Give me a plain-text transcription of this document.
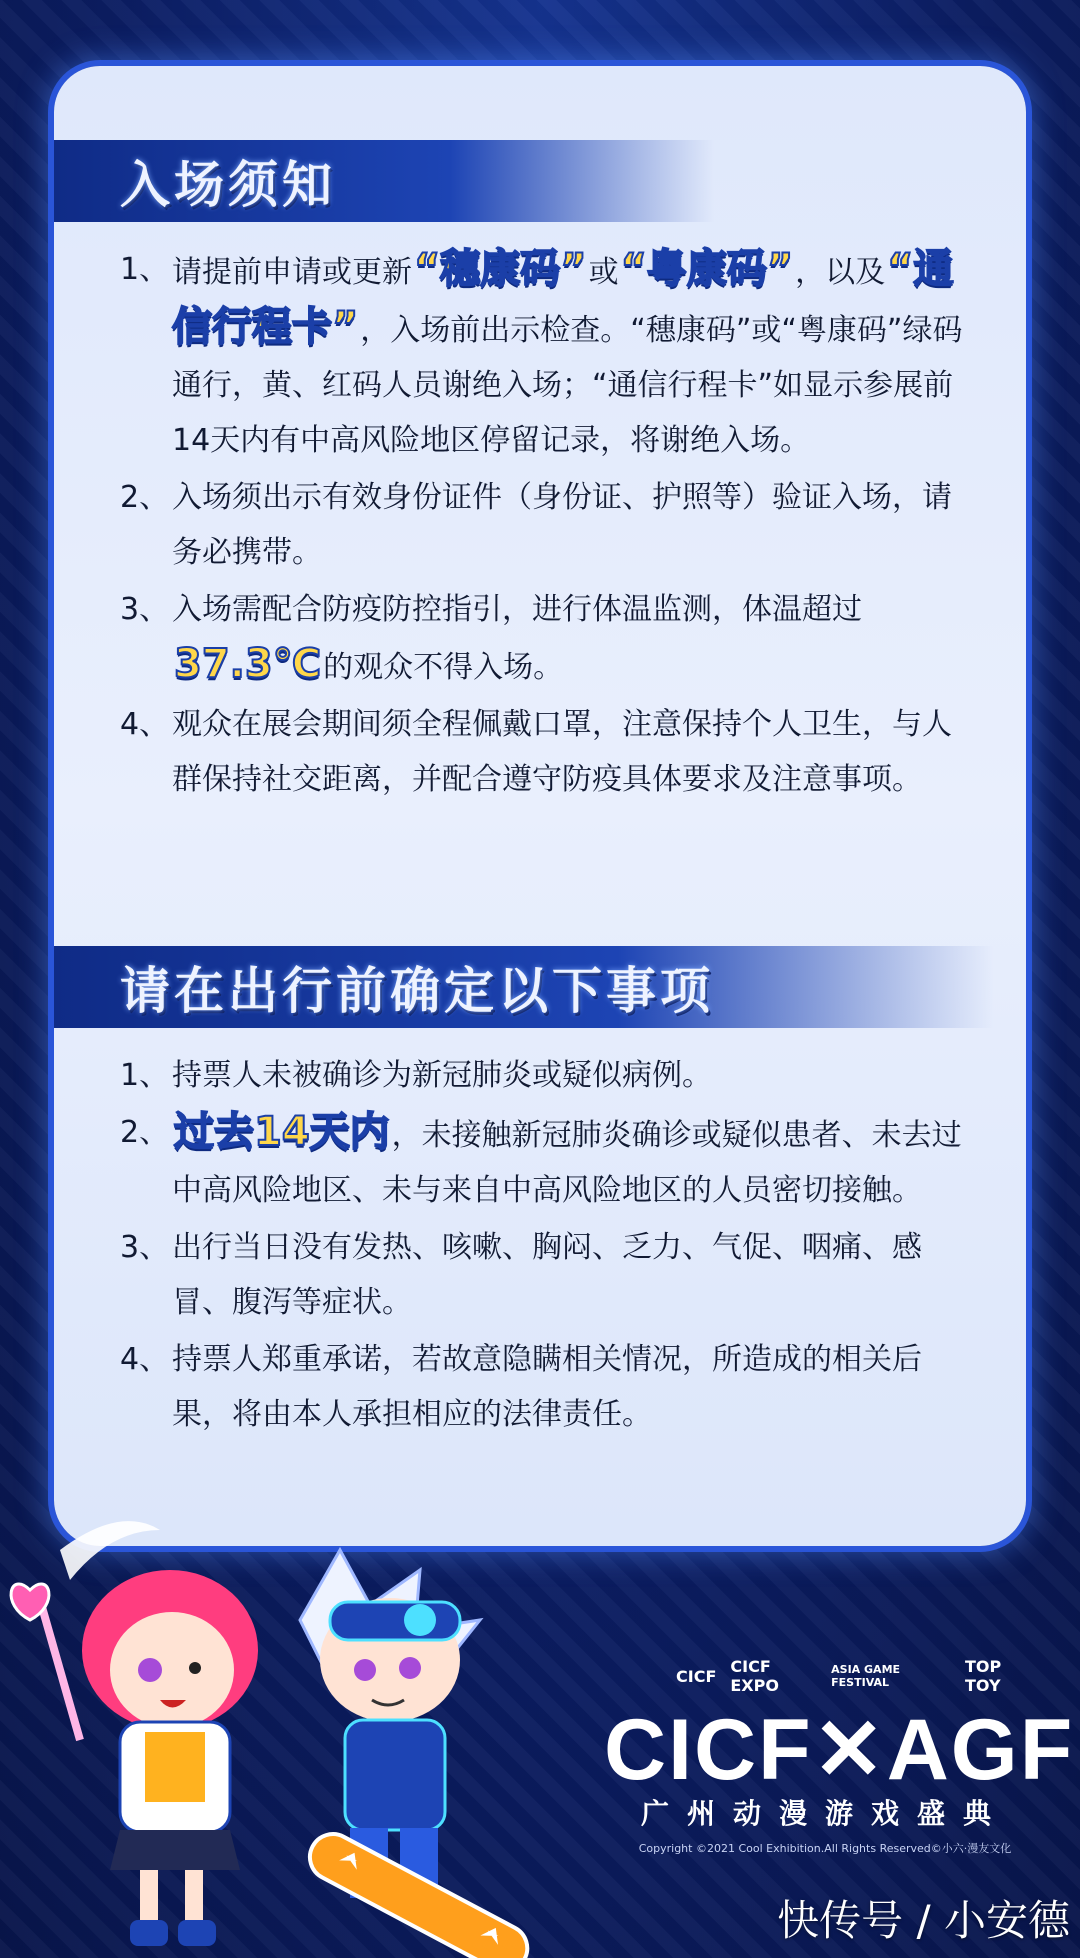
入场须知
1、 请提前申请或更新“穗康码”或“粤康码”，以及“通信行程卡”，入场前出示检查。“穗康码”或“粤康码”绿码通行，黄、红码人员谢绝入场；“通信行程卡”如显示参展前14天内有中高风险地区停留记录，将谢绝入场。
2、 入场须出示有效身份证件（身份证、护照等）验证入场，请务必携带。
3、 入场需配合防疫防控指引，进行体温监测，体温超过37.3℃的观众不得入场。
4、 观众在展会期间须全程佩戴口罩，注意保持个人卫生，与人群保持社交距离，并配合遵守防疫具体要求及注意事项。
请在出行前确定以下事项
1、 持票人未被确诊为新冠肺炎或疑似病例。
2、 过去14天内，未接触新冠肺炎确诊或疑似患者、未去过中高风险地区、未与来自中高风险地区的人员密切接触。
3、 出行当日没有发热、咳嗽、胸闷、乏力、气促、咽痛、感冒、腹泻等症状。
4、 持票人郑重承诺，若故意隐瞒相关情况，所造成的相关后果，将由本人承担相应的法律责任。
CICF CICF EXPO
ASIA GAME FESTIVAL
TOP TOY
CICF✕AGF
广州动漫游戏盛典
Copyright ©2021 Cool Exhibition.All Rights Reserved©小六·漫友文化
快传号 / 小安德
